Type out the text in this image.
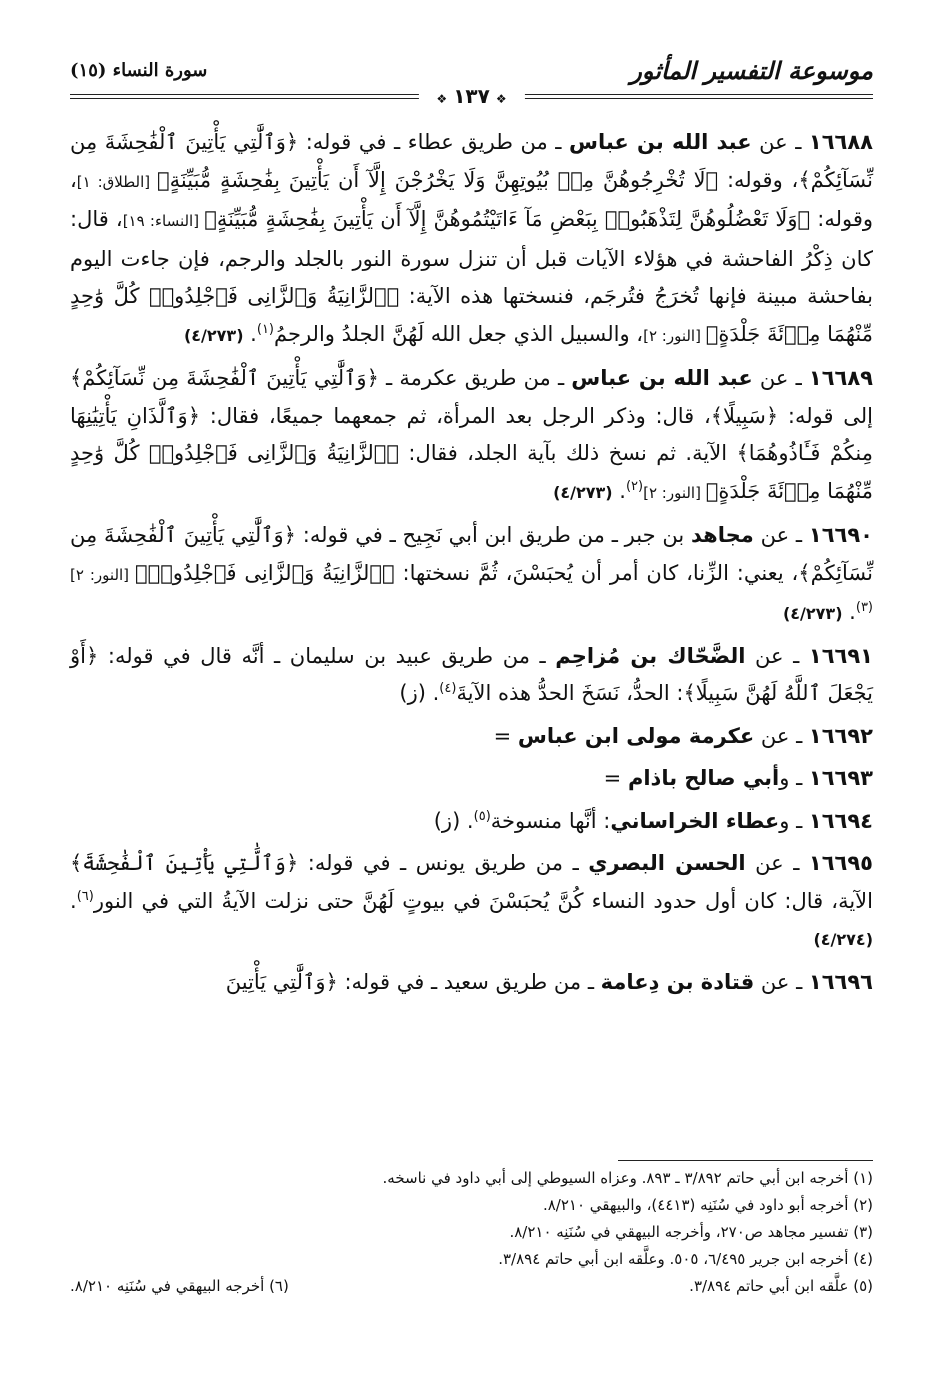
موسوعة التفسير المأثور
سورة النساء (١٥)
❖١٣٧❖

١٦٦٨٨ ـ عن عبد الله بن عباس ـ من طريق عطاء ـ في قوله: ﴿وَٱلَّٰتِي يَأْتِينَ ٱلْفَٰحِشَةَ مِن نِّسَآئِكُمْ﴾، وقوله: ﴿لَا تُخْرِجُوهُنَّ مِنۢ بُيُوتِهِنَّ وَلَا يَخْرُجْنَ إِلَّآ أَن يَأْتِينَ بِفَٰحِشَةٍ مُّبَيِّنَةٍ﴾ [الطلاق: ١]، وقوله: ﴿وَلَا تَعْضُلُوهُنَّ لِتَذْهَبُوا۟ بِبَعْضِ مَآ ءَاتَيْتُمُوهُنَّ إِلَّآ أَن يَأْتِينَ بِفَٰحِشَةٍ مُّبَيِّنَةٍ﴾ [النساء: ١٩]، قال: كان ذِكْرُ الفاحشة في هؤلاء الآيات قبل أن تنزل سورة النور بالجلد والرجم، فإن جاءت اليوم بفاحشة مبينة فإنها تُخرَجُ فتُرجَم، فنسختها هذه الآية: ﴿ٱلزَّانِيَةُ وَٱلزَّانِى فَٱجْلِدُوا۟ كُلَّ وَٰحِدٍ مِّنْهُمَا مِا۟ئَةَ جَلْدَةٍ﴾ [النور: ٢]، والسبيل الذي جعل الله لَهُنَّ الجلدُ والرجمُ$^{(١)}$. (٤/٢٧٣)

١٦٦٨٩ ـ عن عبد الله بن عباس ـ من طريق عكرمة ـ ﴿وَٱلَّٰتِي يَأْتِينَ ٱلْفَٰحِشَةَ مِن نِّسَآئِكُمْ﴾ إلى قوله: ﴿سَبِيلًا﴾، قال: وذكر الرجل بعد المرأة، ثم جمعهما جميعًا، فقال: ﴿وَٱلَّذَانِ يَأْتِيَٰنِهَا مِنكُمْ فَـَٔاذُوهُمَا﴾ الآية. ثم نسخ ذلك بآية الجلد، فقال: ﴿ٱلزَّانِيَةُ وَٱلزَّانِى فَٱجْلِدُوا۟ كُلَّ وَٰحِدٍ مِّنْهُمَا مِا۟ئَةَ جَلْدَةٍ﴾ [النور: ٢]$^{(٢)}$. (٤/٢٧٣)

١٦٦٩٠ ـ عن مجاهد بن جبر ـ من طريق ابن أبي نَجِيح ـ في قوله: ﴿وَٱلَّٰتِي يَأْتِينَ ٱلْفَٰحِشَةَ مِن نِّسَآئِكُمْ﴾، يعني: الزِّنا، كان أمر أن يُحبَسْنَ، ثُمَّ نسختها: ﴿ٱلزَّانِيَةُ وَٱلزَّانِى فَٱجْلِدُوا۟﴾ [النور: ٢]$^{(٣)}$. (٤/٢٧٣)

١٦٦٩١ ـ عن الضَّحّاك بن مُزاحِم ـ من طريق عبيد بن سليمان ـ أنَّه قال في قوله: ﴿أَوْ يَجْعَلَ ٱللَّهُ لَهُنَّ سَبِيلًا﴾: الحدُّ، نَسَخَ الحدُّ هذه الآيةَ$^{(٤)}$. (ز)

١٦٦٩٢ ـ عن عكرمة مولى ابن عباس =

١٦٦٩٣ ـ وأبي صالح باذام =

١٦٦٩٤ ـ وعطاء الخراساني: أنَّها منسوخة$^{(٥)}$. (ز)

١٦٦٩٥ ـ عن الحسن البصري ـ من طريق يونس ـ في قوله: ﴿وَٱلَّٰتِي يَأْتِينَ ٱلْفَٰحِشَةَ﴾ الآية، قال: كان أول حدود النساء كُنَّ يُحبَسْنَ في بيوتٍ لَهُنَّ حتى نزلت الآيةُ التي في النور$^{(٦)}$. (٤/٢٧٤)

١٦٦٩٦ ـ عن قتادة بن دِعامة ـ من طريق سعيد ـ في قوله: ﴿وَٱلَّٰتِي يَأْتِينَ

(١) أخرجه ابن أبي حاتم ٣/٨٩٢ ـ ٨٩٣. وعزاه السيوطي إلى أبي داود في ناسخه.

(٢) أخرجه أبو داود في سُنَنِه (٤٤١٣)، والبيهقي ٨/٢١٠.

(٣) تفسير مجاهد ص٢٧٠، وأخرجه البيهقي في سُنَنِه ٨/٢١٠.

(٤) أخرجه ابن جرير ٦/٤٩٥، ٥٠٥. وعلَّقه ابن أبي حاتم ٣/٨٩٤.

(٥) علَّقه ابن أبي حاتم ٣/٨٩٤.
(٦) أخرجه البيهقي في سُنَنِه ٨/٢١٠.
